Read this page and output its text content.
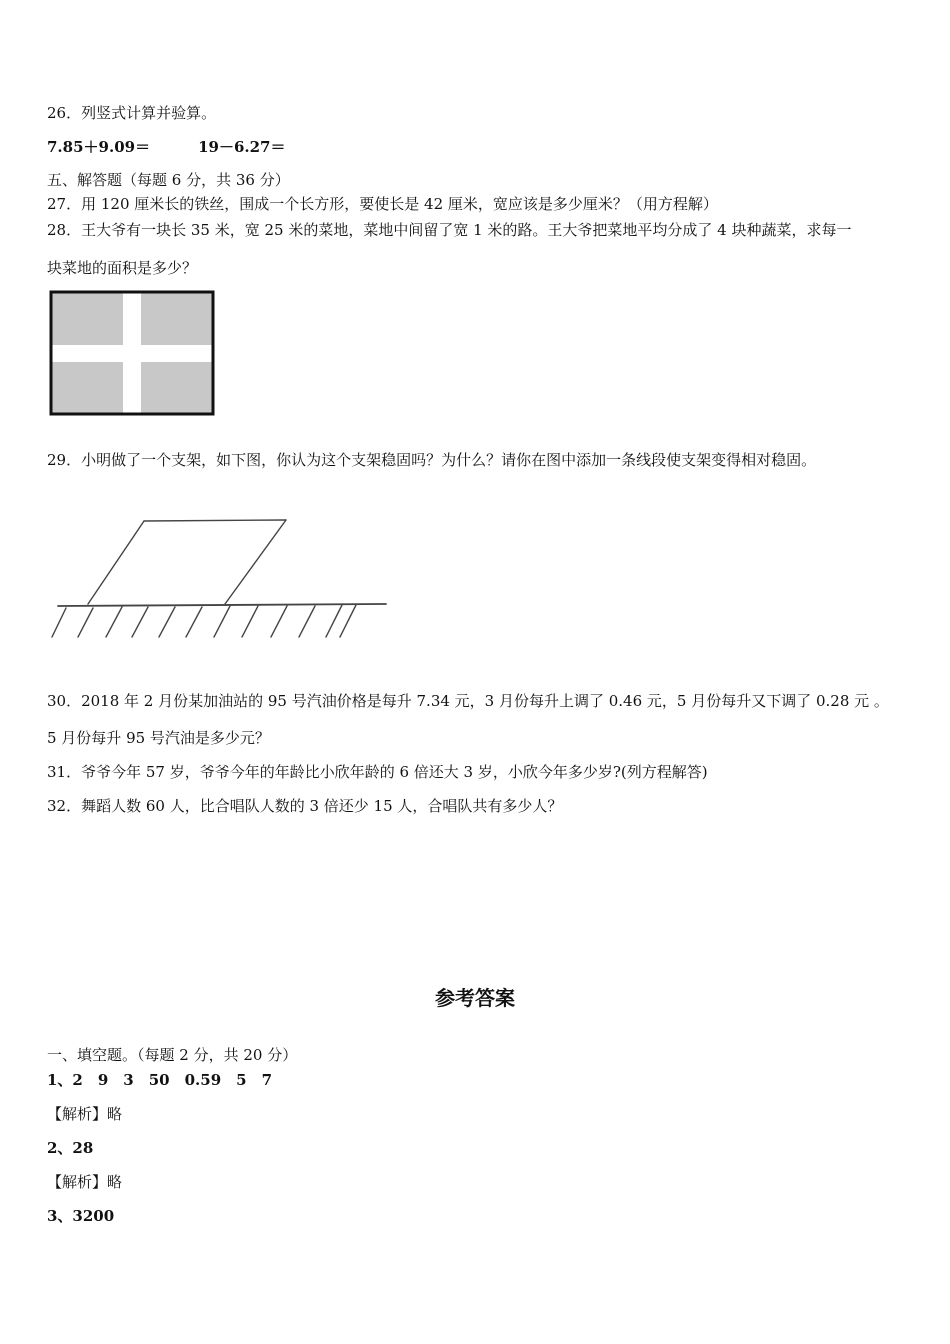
26．列竖式计算并验算。
7.85＋9.09＝	19－6.27＝
五、解答题（每题 6 分，共 36 分）
27．用 120 厘米长的铁丝，围成一个长方形，要使长是 42 厘米，宽应该是多少厘米？（用方程解）
28．王大爷有一块长 35 米，宽 25 米的菜地，菜地中间留了宽 1 米的路。王大爷把菜地平均分成了 4 块种蔬菜，求每一
块菜地的面积是多少？
29．小明做了一个支架，如下图，你认为这个支架稳固吗？为什么？请你在图中添加一条线段使支架变得相对稳固。
30．2018 年 2 月份某加油站的 95 号汽油价格是每升 7.34 元，3 月份每升上调了 0.46 元，5 月份每升又下调了 0.28 元 。
5 月份每升 95 号汽油是多少元？
31．爷爷今年 57 岁，爷爷今年的年龄比小欣年龄的 6 倍还大 3 岁，小欣今年多少岁?(列方程解答)
32．舞蹈人数 60 人，比合唱队人数的 3 倍还少 15 人，合唱队共有多少人？
参考答案
一、填空题。（每题 2 分，共 20 分）
1、2　9　3　50　0.59　5　7
【解析】略
2、28
【解析】略
3、3200
